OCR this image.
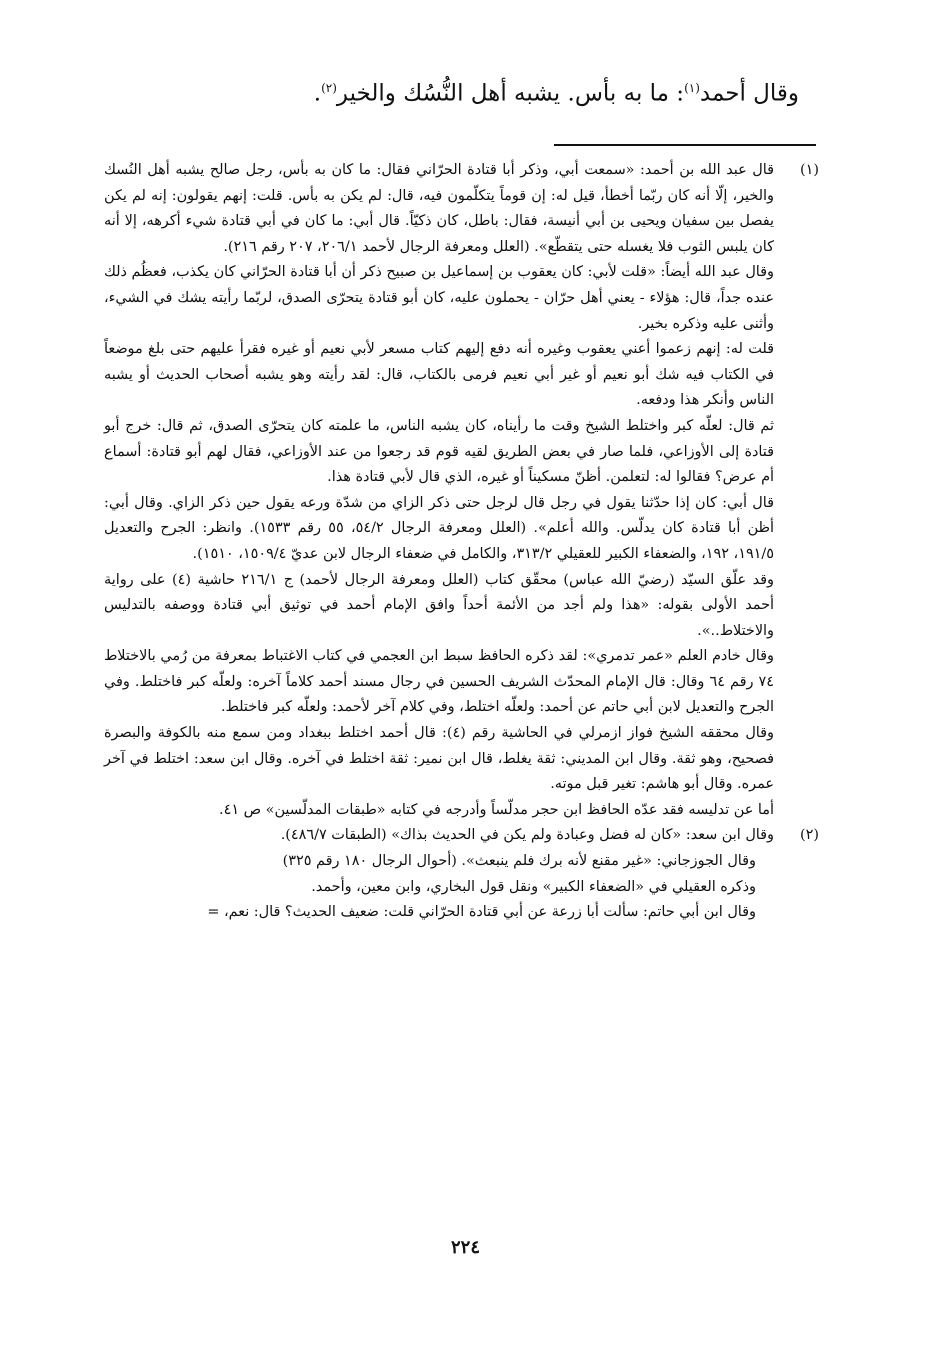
وقال أحمد$^{(١)}$: ما به بأس. يشبه أهل النُّسُك والخير$^{(٢)}$.
(١)

قال عبد الله بن أحمد: «سمعت أبي، وذكر أبا قتادة الحرّاني فقال: ما كان به بأس، رجل صالح يشبه أهل النُسك والخير، إلّا أنه كان ربّما أخطأ، قيل له: إن قوماً يتكلّمون فيه، قال: لم يكن به بأس. قلت: إنهم يقولون: إنه لم يكن يفصل بين سفيان ويحيى بن أبي أنيسة، فقال: باطل، كان ذكيّاً. قال أبي: ما كان في أبي قتادة شيء أكرهه، إلا أنه كان يلبس الثوب فلا يغسله حتى يتقطّع». (العلل ومعرفة الرجال لأحمد ٢٠٦/١، ٢٠٧ رقم ٢١٦).

وقال عبد الله أيضاً: «قلت لأبي: كان يعقوب بن إسماعيل بن صبيح ذكر أن أبا قتادة الحرّاني كان يكذب، فعظُم ذلك عنده جداً، قال: هؤلاء - يعني أهل حرّان - يحملون عليه، كان أبو قتادة يتحرّى الصدق، لربّما رأيته يشك في الشيء، وأثنى عليه وذكره بخير.

قلت له: إنهم زعموا أعني يعقوب وغيره أنه دفع إليهم كتاب مسعر لأبي نعيم أو غيره فقرأ عليهم حتى بلغ موضعاً في الكتاب فيه شك أبو نعيم أو غير أبي نعيم فرمى بالكتاب، قال: لقد رأيته وهو يشبه أصحاب الحديث أو يشبه الناس وأنكر هذا ودفعه.

ثم قال: لعلّه كبر واختلط الشيخ وقت ما رأيناه، كان يشبه الناس، ما علمته كان يتحرّى الصدق، ثم قال: خرج أبو قتادة إلى الأوزاعي، فلما صار في بعض الطريق لقيه قوم قد رجعوا من عند الأوزاعي، فقال لهم أبو قتادة: أسماع أم عرض؟ فقالوا له: لتعلمن. أظنّ مسكيناً أو غيره، الذي قال لأبي قتادة هذا.

قال أبي: كان إذا حدّثنا يقول في رجل قال لرجل حتى ذكر الزاي من شدّة ورعه يقول حين ذكر الزاي. وقال أبي: أظن أبا قتادة كان يدلّس. والله أعلم». (العلل ومعرفة الرجال ٥٤/٢، ٥٥ رقم ١٥٣٣). وانظر: الجرح والتعديل ١٩١/٥، ١٩٢، والضعفاء الكبير للعقيلي ٣١٣/٢، والكامل في ضعفاء الرجال لابن عديّ ١٥٠٩/٤، ١٥١٠).

وقد علّق السيّد (رضيّ الله عباس) محقّق كتاب (العلل ومعرفة الرجال لأحمد) ج ٢١٦/١ حاشية (٤) على رواية أحمد الأولى بقوله: «هذا ولم أجد من الأئمة أحداً وافق الإمام أحمد في توثيق أبي قتادة ووصفه بالتدليس والاختلاط..».

وقال خادم العلم «عمر تدمري»: لقد ذكره الحافظ سبط ابن العجمي في كتاب الاغتباط بمعرفة من رُمي بالاختلاط ٧٤ رقم ٦٤ وقال: قال الإمام المحدّث الشريف الحسين في رجال مسند أحمد كلاماً آخره: ولعلّه كبر فاختلط. وفي الجرح والتعديل لابن أبي حاتم عن أحمد: ولعلّه اختلط، وفي كلام آخر لأحمد: ولعلّه كبر فاختلط.

وقال محققه الشيخ فواز ازمرلي في الحاشية رقم (٤): قال أحمد اختلط ببغداد ومن سمع منه بالكوفة والبصرة فصحيح، وهو ثقة. وقال ابن المديني: ثقة يغلط، قال ابن نمير: ثقة اختلط في آخره. وقال ابن سعد: اختلط في آخر عمره. وقال أبو هاشم: تغير قبل موته.

أما عن تدليسه فقد عدّه الحافظ ابن حجر مدلّساً وأدرجه في كتابه «طبقات المدلّسين» ص ٤١.

(٢)

وقال ابن سعد: «كان له فضل وعبادة ولم يكن في الحديث بذاك» (الطبقات ٤٨٦/٧).

وقال الجوزجاني: «غير مقنع لأنه برك فلم ينبعث». (أحوال الرجال ١٨٠ رقم ٣٢٥)

وذكره العقيلي في «الضعفاء الكبير» ونقل قول البخاري، وابن معين، وأحمد.

وقال ابن أبي حاتم: سألت أبا زرعة عن أبي قتادة الحرّاني قلت: ضعيف الحديث؟ قال: نعم، =

٢٢٤
